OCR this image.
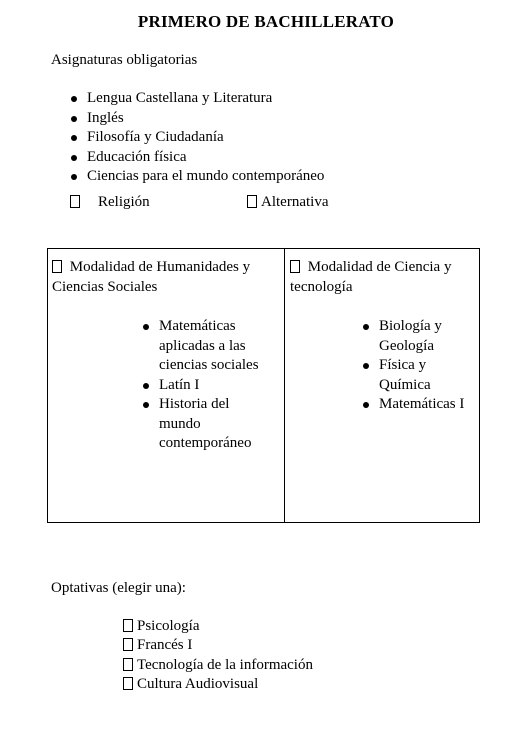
PRIMERO DE BACHILLERATO
Asignaturas obligatorias
Lengua Castellana y Literatura
Inglés
Filosofía y Ciudadanía
Educación física
Ciencias para el mundo contemporáneo
Religión	Alternativa
Modalidad de Humanidades y
Ciencias Sociales
Matemáticas aplicadas a las ciencias sociales
Latín I
Historia del mundo contemporáneo
Modalidad de Ciencia y
tecnología
Biología y Geología
Física y Química
Matemáticas I
Optativas (elegir una):
Psicología
Francés I
Tecnología de la información
Cultura Audiovisual
